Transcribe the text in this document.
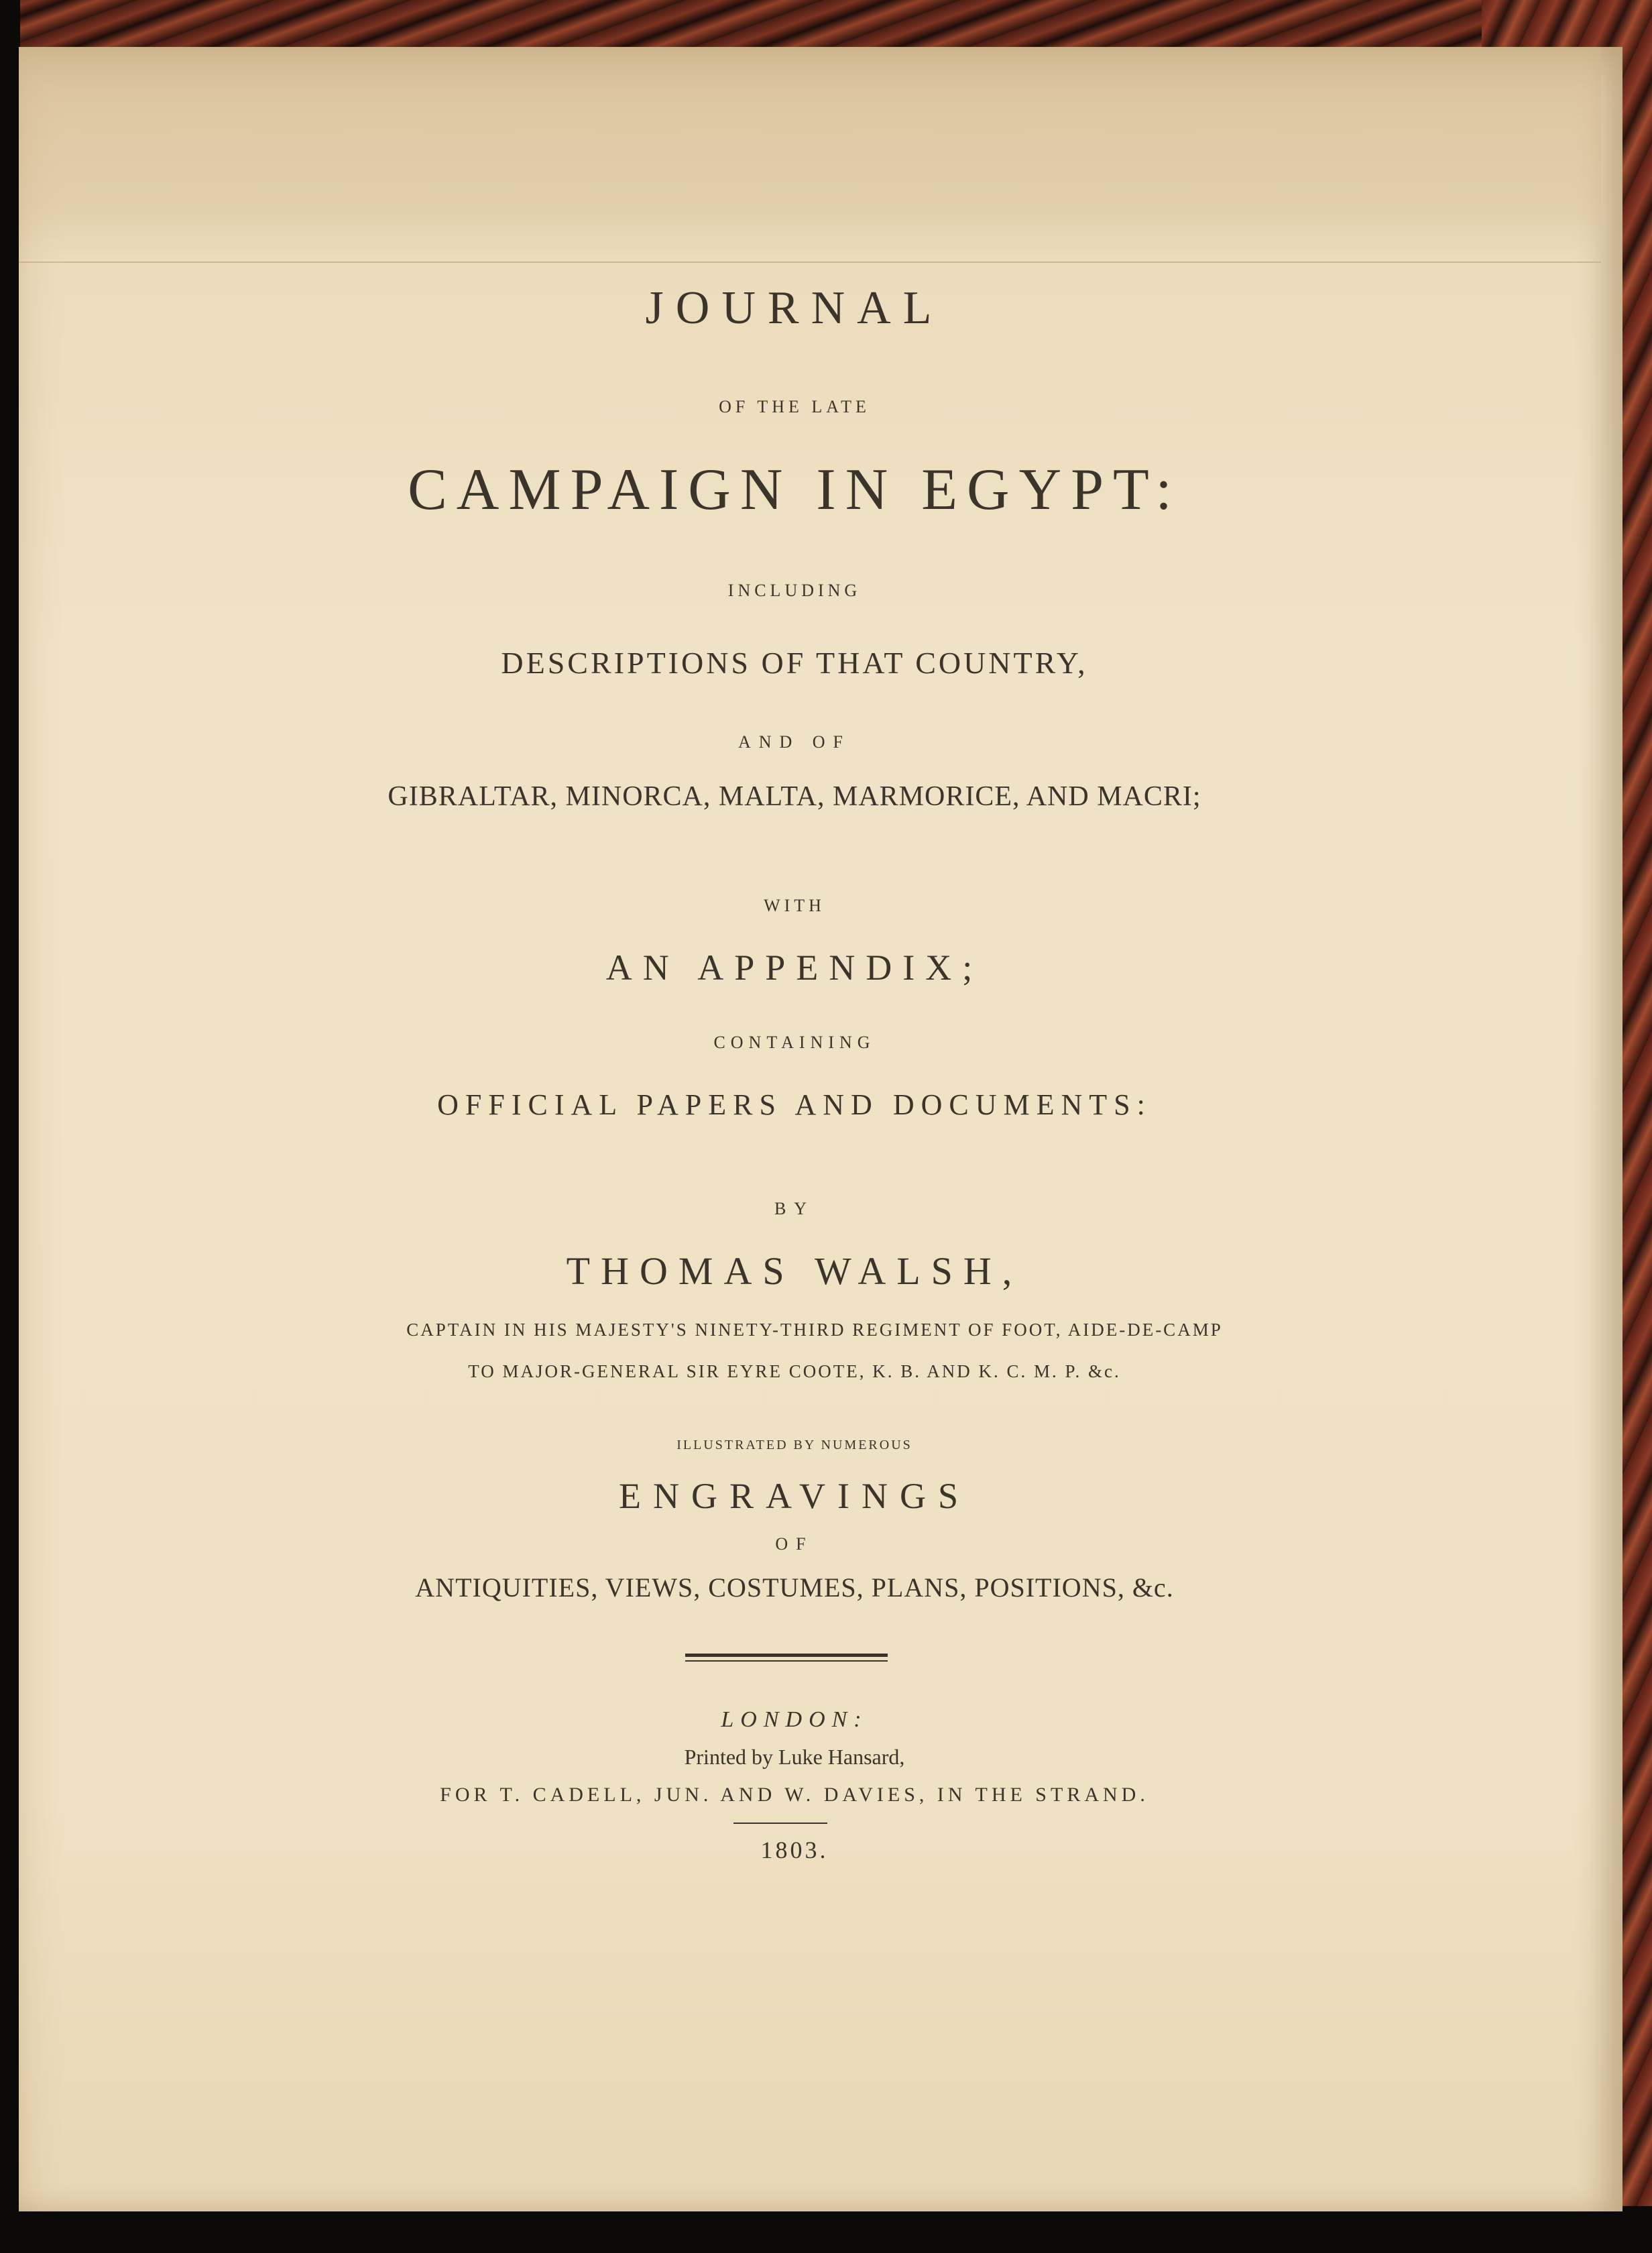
JOURNAL

OF THE LATE

CAMPAIGN IN EGYPT:

INCLUDING

DESCRIPTIONS OF THAT COUNTRY,

AND OF

GIBRALTAR, MINORCA, MALTA, MARMORICE, AND MACRI;

WITH

AN APPENDIX;

CONTAINING

OFFICIAL PAPERS AND DOCUMENTS:

BY

THOMAS WALSH,

CAPTAIN IN HIS MAJESTY'S NINETY-THIRD REGIMENT OF FOOT, AIDE-DE-CAMP

TO MAJOR-GENERAL SIR EYRE COOTE, K. B. AND K. C. M. P. &c.

ILLUSTRATED BY NUMEROUS

ENGRAVINGS

OF

ANTIQUITIES, VIEWS, COSTUMES, PLANS, POSITIONS, &c.

LONDON:

Printed by Luke Hansard,

FOR T. CADELL, JUN. AND W. DAVIES, IN THE STRAND.

1803.
